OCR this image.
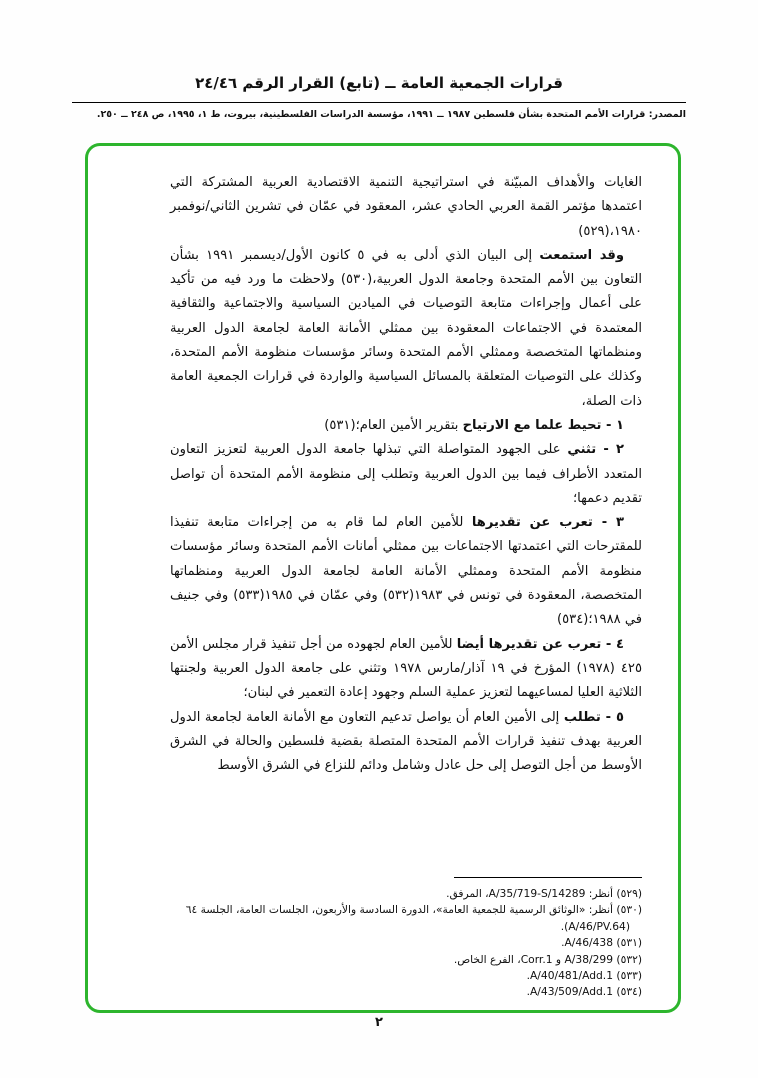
قرارات الجمعية العامة ــ (تابع) القرار الرقم ٢٤/٤٦
المصدر: قرارات الأمم المتحدة بشأن فلسطين ١٩٨٧ ــ ١٩٩١، مؤسسة الدراسات الفلسطينية، بيروت، ط ١، ١٩٩٥، ص ٢٤٨ ــ ٢٥٠.

الغايات والأهداف المبيّنة في استراتيجية التنمية الاقتصادية العربية المشتركة التي اعتمدها مؤتمر القمة العربي الحادي عشر، المعقود في عمّان في تشرين الثاني/نوفمبر ١٩٨٠،(٥٢٩)

وقد استمعت إلى البيان الذي أدلى به في ٥ كانون الأول/ديسمبر ١٩٩١ بشأن التعاون بين الأمم المتحدة وجامعة الدول العربية،(٥٣٠) ولاحظت ما ورد فيه من تأكيد على أعمال وإجراءات متابعة التوصيات في الميادين السياسية والاجتماعية والثقافية المعتمدة في الاجتماعات المعقودة بين ممثلي الأمانة العامة لجامعة الدول العربية ومنظماتها المتخصصة وممثلي الأمم المتحدة وسائر مؤسسات منظومة الأمم المتحدة، وكذلك على التوصيات المتعلقة بالمسائل السياسية والواردة في قرارات الجمعية العامة ذات الصلة،

١ - تحيط علما مع الارتياح بتقرير الأمين العام؛(٥٣١)

٢ - تثني على الجهود المتواصلة التي تبذلها جامعة الدول العربية لتعزيز التعاون المتعدد الأطراف فيما بين الدول العربية وتطلب إلى منظومة الأمم المتحدة أن تواصل تقديم دعمها؛

٣ - تعرب عن تقديرها للأمين العام لما قام به من إجراءات متابعة تنفيذا للمقترحات التي اعتمدتها الاجتماعات بين ممثلي أمانات الأمم المتحدة وسائر مؤسسات منظومة الأمم المتحدة وممثلي الأمانة العامة لجامعة الدول العربية ومنظماتها المتخصصة، المعقودة في تونس في ١٩٨٣(٥٣٢) وفي عمّان في ١٩٨٥(٥٣٣) وفي جنيف في ١٩٨٨؛(٥٣٤)

٤ - تعرب عن تقديرها أيضا للأمين العام لجهوده من أجل تنفيذ قرار مجلس الأمن ٤٢٥ (١٩٧٨) المؤرخ في ١٩ آذار/مارس ١٩٧٨ وتثني على جامعة الدول العربية ولجنتها الثلاثية العليا لمساعيهما لتعزيز عملية السلم وجهود إعادة التعمير في لبنان؛

٥ - تطلب إلى الأمين العام أن يواصل تدعيم التعاون مع الأمانة العامة لجامعة الدول العربية بهدف تنفيذ قرارات الأمم المتحدة المتصلة بقضية فلسطين والحالة في الشرق الأوسط من أجل التوصل إلى حل عادل وشامل ودائم للنزاع في الشرق الأوسط

(٥٢٩) أنظر: A/35/719-S/14289، المرفق.
(٥٣٠) أنظر: «الوثائق الرسمية للجمعية العامة»، الدورة السادسة والأربعون، الجلسات العامة، الجلسة ٦٤ (A/46/PV.64).
(٥٣١) A/46/438.
(٥٣٢) A/38/299 و Corr.1، الفرع الخاص.
(٥٣٣) A/40/481/Add.1.
(٥٣٤) A/43/509/Add.1.
٢
